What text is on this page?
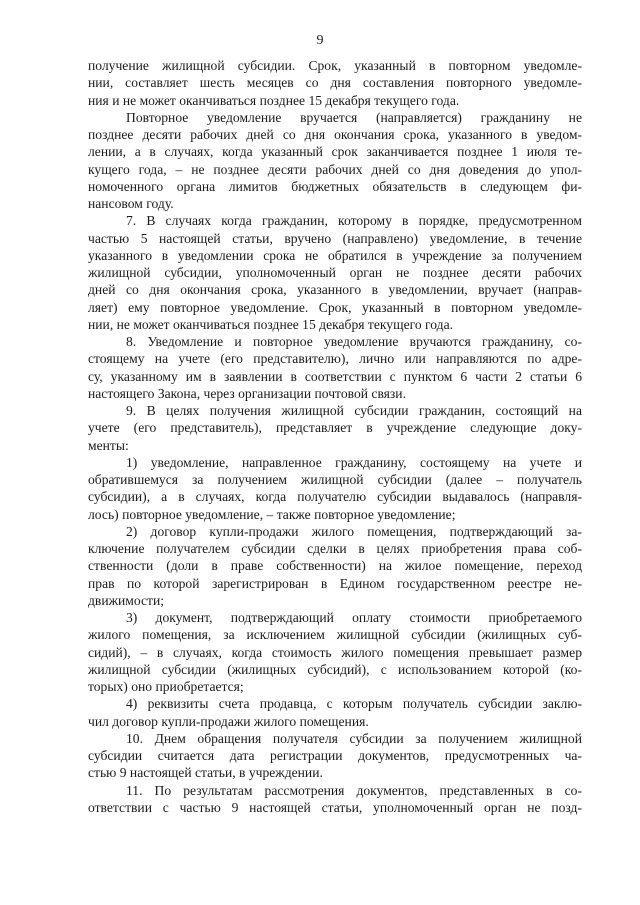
9
получение жилищной субсидии. Срок, указанный в повторном уведомле-
нии, составляет шесть месяцев со дня составления повторного уведомле-
ния и не может оканчиваться позднее 15 декабря текущего года.
Повторное уведомление вручается (направляется) гражданину не
позднее десяти рабочих дней со дня окончания срока, указанного в уведом-
лении, а в случаях, когда указанный срок заканчивается позднее 1 июля те-
кущего года, – не позднее десяти рабочих дней со дня доведения до упол-
номоченного органа лимитов бюджетных обязательств в следующем фи-
нансовом году.
7. В случаях когда гражданин, которому в порядке, предусмотренном
частью 5 настоящей статьи, вручено (направлено) уведомление, в течение
указанного в уведомлении срока не обратился в учреждение за получением
жилищной субсидии, уполномоченный орган не позднее десяти рабочих
дней со дня окончания срока, указанного в уведомлении, вручает (направ-
ляет) ему повторное уведомление. Срок, указанный в повторном уведомле-
нии, не может оканчиваться позднее 15 декабря текущего года.
8. Уведомление и повторное уведомление вручаются гражданину, со-
стоящему на учете (его представителю), лично или направляются по адре-
су, указанному им в заявлении в соответствии с пунктом 6 части 2 статьи 6
настоящего Закона, через организации почтовой связи.
9. В целях получения жилищной субсидии гражданин, состоящий на
учете (его представитель), представляет в учреждение следующие доку-
менты:
1) уведомление, направленное гражданину, состоящему на учете и
обратившемуся за получением жилищной субсидии (далее – получатель
субсидии), а в случаях, когда получателю субсидии выдавалось (направля-
лось) повторное уведомление, – также повторное уведомление;
2) договор купли-продажи жилого помещения, подтверждающий за-
ключение получателем субсидии сделки в целях приобретения права соб-
ственности (доли в праве собственности) на жилое помещение, переход
прав по которой зарегистрирован в Едином государственном реестре не-
движимости;
3) документ, подтверждающий оплату стоимости приобретаемого
жилого помещения, за исключением жилищной субсидии (жилищных суб-
сидий), – в случаях, когда стоимость жилого помещения превышает размер
жилищной субсидии (жилищных субсидий), с использованием которой (ко-
торых) оно приобретается;
4) реквизиты счета продавца, с которым получатель субсидии заклю-
чил договор купли-продажи жилого помещения.
10. Днем обращения получателя субсидии за получением жилищной
субсидии считается дата регистрации документов, предусмотренных ча-
стью 9 настоящей статьи, в учреждении.
11. По результатам рассмотрения документов, представленных в со-
ответствии с частью 9 настоящей статьи, уполномоченный орган не позд-
